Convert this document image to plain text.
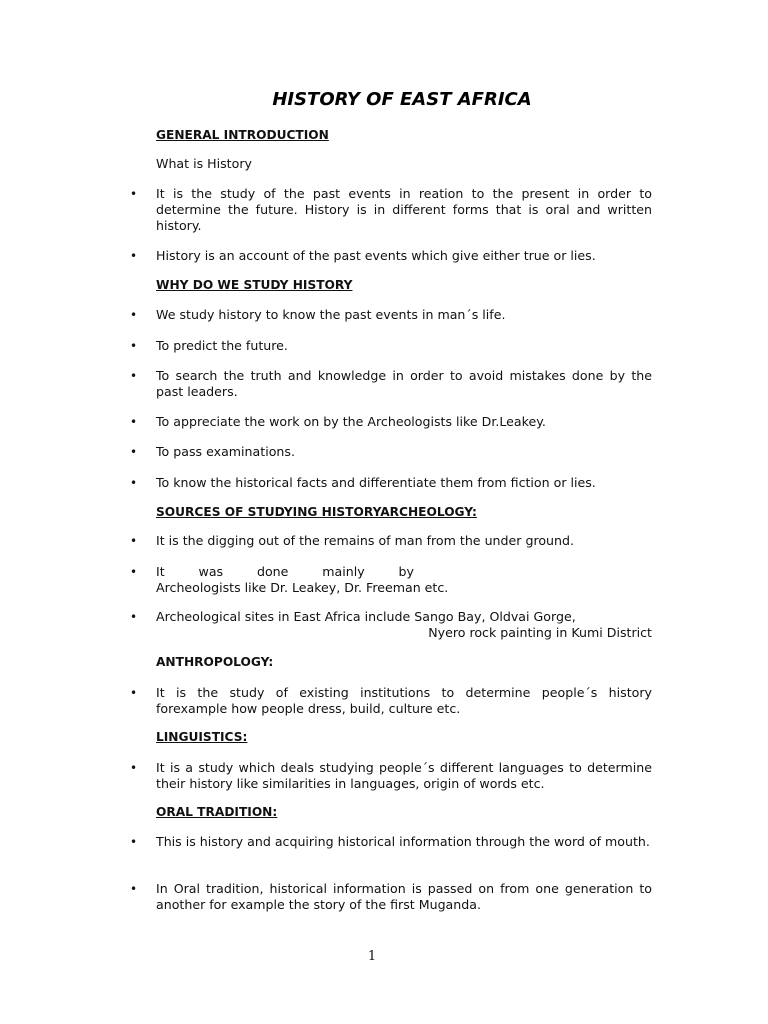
HISTORY OF EAST AFRICA
GENERAL INTRODUCTION
What is History
• It is the study of the past events in reation to the present in order to determine the future. History is in different forms that is oral and written history.
• History is an account of the past events which give either true or lies.
WHY DO WE STUDY HISTORY
• We study history to know the past events in man´s life.
• To predict the future.
• To search the truth and knowledge in order to avoid mistakes done by the past leaders.
• To appreciate the work on by the Archeologists like Dr.Leakey.
• To pass examinations.
• To know the historical facts and differentiate them from fiction or lies.
SOURCES OF STUDYING HISTORYARCHEOLOGY:
• It is the digging out of the remains of man from the under ground.
• It was done mainly by
Archeologists like Dr. Leakey, Dr. Freeman etc.
• Archeological sites in East Africa include Sango Bay, Oldvai Gorge,
Nyero rock painting in Kumi District
ANTHROPOLOGY:
• It is the study of existing institutions to determine people´s history forexample how people dress, build, culture etc.
LINGUISTICS:
• It is a study which deals studying people´s different languages to determine their history like similarities in languages, origin of words etc.
ORAL TRADITION:
• This is history and acquiring historical information through the word of mouth.
• In Oral tradition, historical information is passed on from one generation to another for example the story of the first Muganda.
1
